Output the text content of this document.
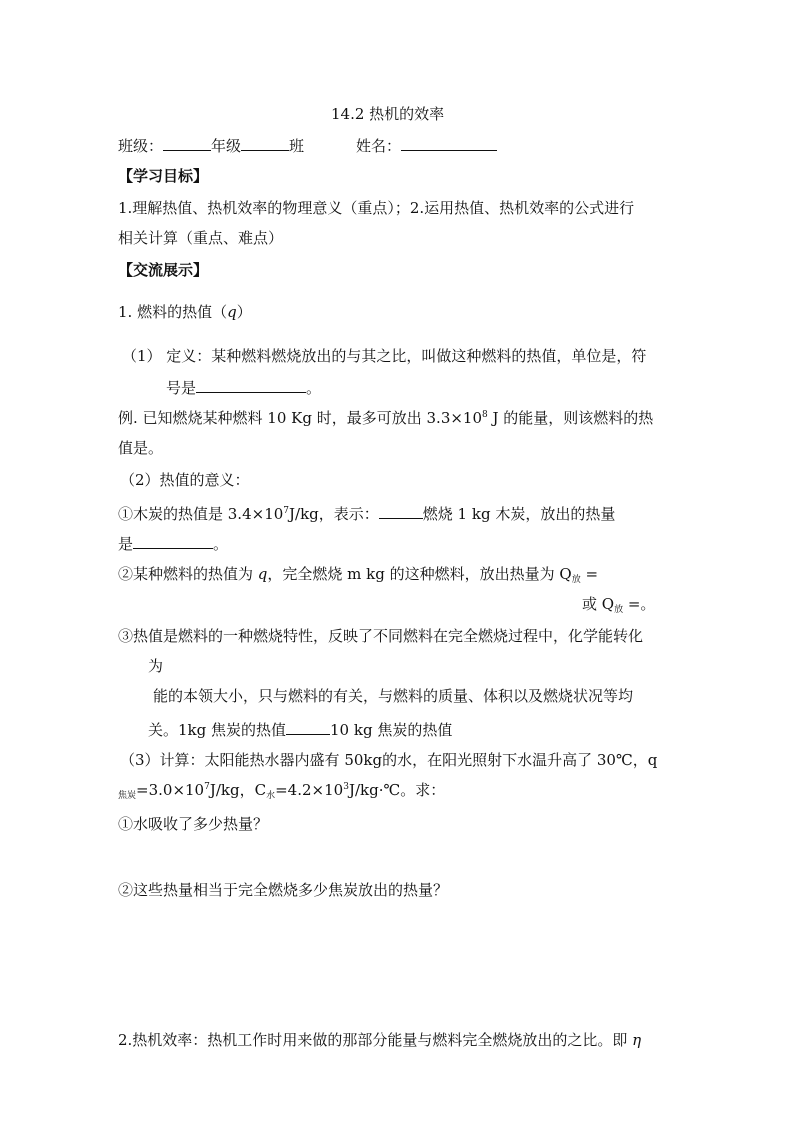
14.2 热机的效率
班级：	年级	班	姓名：
【学习目标】
1.理解热值、热机效率的物理意义（重点）；2.运用热值、热机效率的公式进行
相关计算（重点、难点）
【交流展示】
1. 燃料的热值（q）
（1） 定义：某种燃料燃烧放出的与其之比，叫做这种燃料的热值，单位是，符
号是	。
例. 已知燃烧某种燃料 10 Kg 时，最多可放出 $3.3\times 10^8$ J 的能量，则该燃料的热
值是。
（2）热值的意义：
①木炭的热值是 $3.4\times 10^7J/kg$，表示：	燃烧 1 kg 木炭，放出的热量
是	。
②某种燃料的热值为 q，完全燃烧 m kg 的这种燃料，放出热量为 $Q_放$ =
或 $Q_放$ =。
③热值是燃料的一种燃烧特性，反映了不同燃料在完全燃烧过程中，化学能转化
为
能的本领大小，只与燃料的有关，与燃料的质量、体积以及燃烧状况等均
关。1kg 焦炭的热值	10 kg 焦炭的热值
（3）计算：太阳能热水器内盛有 50kg的水，在阳光照射下水温升高了 30℃，q
$_{焦炭}=3.0\times 10^7J/kg$，$C_水=4.2\times 10^3J/kg\cdot℃$。求：
①水吸收了多少热量？
②这些热量相当于完全燃烧多少焦炭放出的热量？
2.热机效率：热机工作时用来做的那部分能量与燃料完全燃烧放出的之比。即 η
